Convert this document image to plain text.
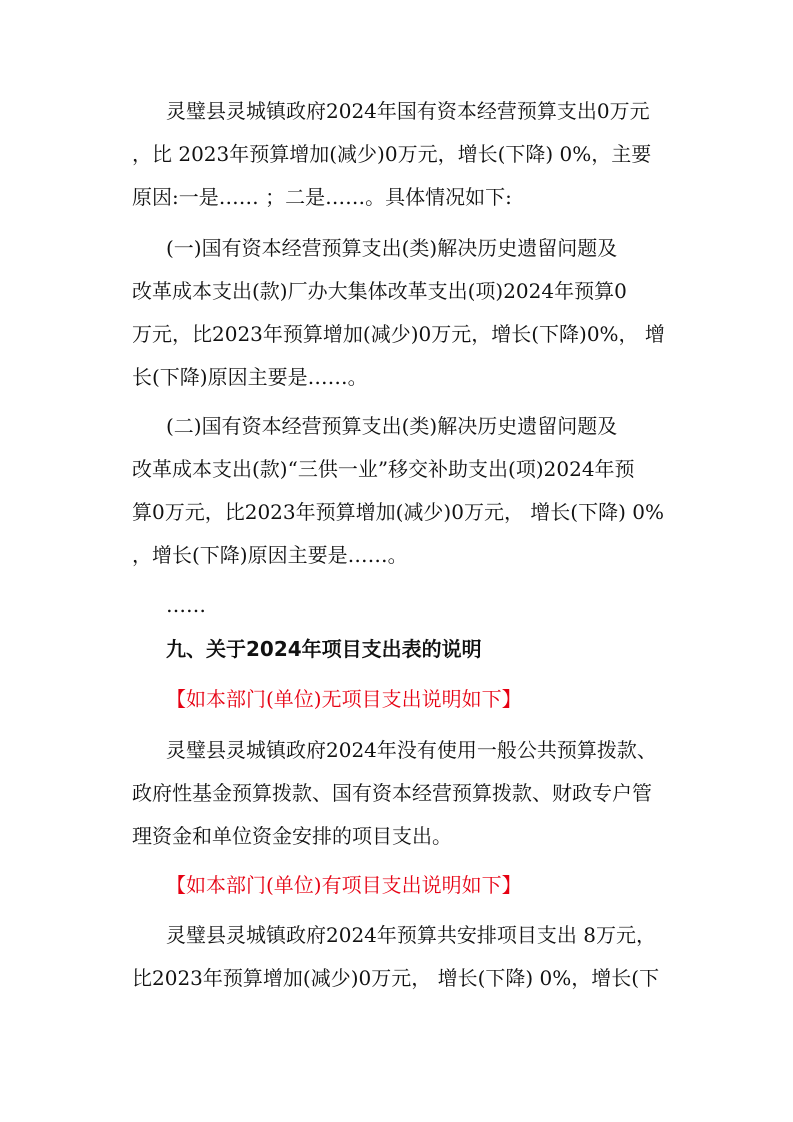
灵璧县灵城镇政府2024年国有资本经营预算支出0万元
，比 2023年预算增加(减少)0万元，增长(下降) 0%，主要
原因:一是…… ；二是……。具体情况如下:
(一)国有资本经营预算支出(类)解决历史遗留问题及
改革成本支出(款)厂办大集体改革支出(项)2024年预算0
万元，比2023年预算增加(减少)0万元，增长(下降)0%， 增
长(下降)原因主要是……。
(二)国有资本经营预算支出(类)解决历史遗留问题及
改革成本支出(款)“三供一业”移交补助支出(项)2024年预
算0万元，比2023年预算增加(减少)0万元， 增长(下降) 0%
，增长(下降)原因主要是……。
……
九、关于2024年项目支出表的说明
【如本部门(单位)无项目支出说明如下】
灵璧县灵城镇政府2024年没有使用一般公共预算拨款、
政府性基金预算拨款、国有资本经营预算拨款、财政专户管
理资金和单位资金安排的项目支出。
【如本部门(单位)有项目支出说明如下】
灵璧县灵城镇政府2024年预算共安排项目支出 8万元，
比2023年预算增加(减少)0万元， 增长(下降) 0%，增长(下
